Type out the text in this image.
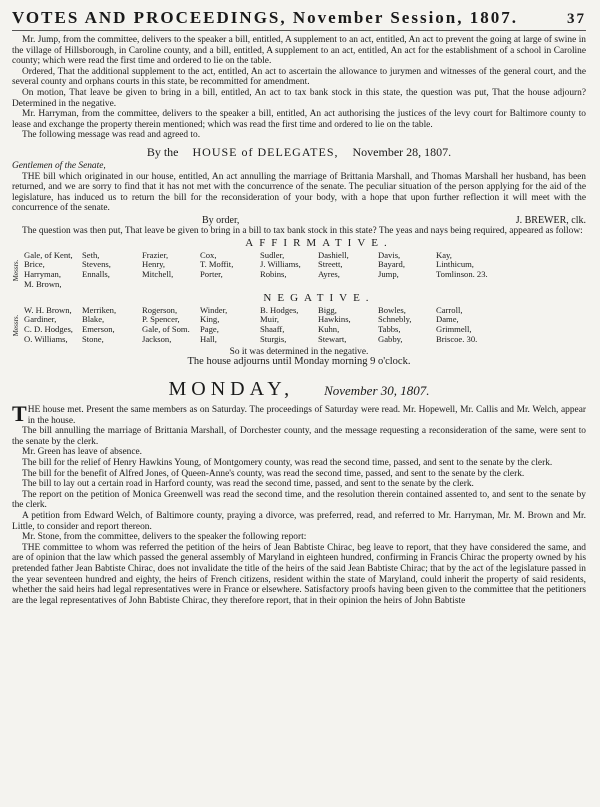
VOTES AND PROCEEDINGS, November Session, 1807.	37

Mr. Jump, from the committee, delivers to the speaker a bill, entitled, A supplement to an act, entitled, An act to prevent the going at large of swine in the village of Hillsborough, in Caroline county, and a bill, entitled, A supplement to an act, entitled, An act for the establishment of a school in Caroline county; which were read the first time and ordered to lie on the table.

Ordered, That the additional supplement to the act, entitled, An act to ascertain the allowance to jurymen and witnesses of the general court, and the several county and orphans courts in this state, be recommitted for amendment.

On motion, That leave be given to bring in a bill, entitled, An act to tax bank stock in this state, the question was put, That the house adjourn? Determined in the negative.

Mr. Harryman, from the committee, delivers to the speaker a bill, entitled, An act authorising the justices of the levy court for Baltimore county to lease and exchange the property therein mentioned; which was read the first time and ordered to lie on the table.

The following message was read and agreed to.

By the HOUSE of DELEGATES, November 28, 1807.

Gentlemen of the Senate,

THE bill which originated in our house, entitled, An act annulling the marriage of Brittania Marshall, and Thomas Marshall her husband, has been returned, and we are sorry to find that it has not met with the concurrence of the senate. The peculiar situation of the person applying for the aid of the legislature, has induced us to return the bill for the reconsideration of your body, with a hope that upon further reflection it will meet with the concurrence of the senate.

By order,	J. BREWER, clk.

The question was then put, That leave be given to bring in a bill to tax bank stock in this state? The yeas and nays being required, appeared as follow:

AFFIRMATIVE.
Messrs.
Gale, of Kent,
Brice,
Harryman,
M. Brown,
Seth,
Stevens,
Ennalls,
Frazier,
Henry,
Mitchell,
Cox,
T. Moffit,
Porter,
Sudler,
J. Williams,
Robins,
Dashiell,
Streett,
Ayres,
Davis,
Bayard,
Jump,
Kay,
Linthicum,
Tomlinson. 23.
NEGATIVE.
Messrs.
W. H. Brown,
Gardiner,
C. D. Hodges,
O. Williams,
Merriken,
Blake,
Emerson,
Stone,
Rogerson,
P. Spencer,
Gale, of Som.
Jackson,
Winder,
King,
Page,
Hall,
B. Hodges,
Muir,
Shaaff,
Sturgis,
Bigg,
Hawkins,
Kuhn,
Stewart,
Bowles,
Schnebly,
Tabbs,
Gabby,
Carroll,
Dame,
Grimmell,
Briscoe. 30.

So it was determined in the negative.

The house adjourns until Monday morning 9 o'clock.

MONDAY, November 30, 1807.

THE house met. Present the same members as on Saturday. The proceedings of Saturday were read. Mr. Hopewell, Mr. Callis and Mr. Welch, appear in the house.

The bill annulling the marriage of Brittania Marshall, of Dorchester county, and the message requesting a reconsideration of the same, were sent to the senate by the clerk.

Mr. Green has leave of absence.

The bill for the relief of Henry Hawkins Young, of Montgomery county, was read the second time, passed, and sent to the senate by the clerk.

The bill for the benefit of Alfred Jones, of Queen-Anne's county, was read the second time, passed, and sent to the senate by the clerk.

The bill to lay out a certain road in Harford county, was read the second time, passed, and sent to the senate by the clerk.

The report on the petition of Monica Greenwell was read the second time, and the resolution therein contained assented to, and sent to the senate by the clerk.

A petition from Edward Welch, of Baltimore county, praying a divorce, was preferred, read, and referred to Mr. Harryman, Mr. M. Brown and Mr. Little, to consider and report thereon.

Mr. Stone, from the committee, delivers to the speaker the following report:

THE committee to whom was referred the petition of the heirs of Jean Babtiste Chirac, beg leave to report, that they have considered the same, and are of opinion that the law which passed the general assembly of Maryland in eighteen hundred, confirming in Francis Chirac the property owned by his pretended father Jean Babtiste Chirac, does not invalidate the title of the heirs of the said Jean Babtiste Chirac; that by the act of the legislature passed in the year seventeen hundred and eighty, the heirs of French citizens, resident within the state of Maryland, could inherit the property of said residents, whether the said heirs had legal representatives were in France or elsewhere. Satisfactory proofs having been given to the committee that the petitioners are the legal representatives of John Babtiste Chirac, they therefore report, that in their opinion the heirs of John Babtiste
